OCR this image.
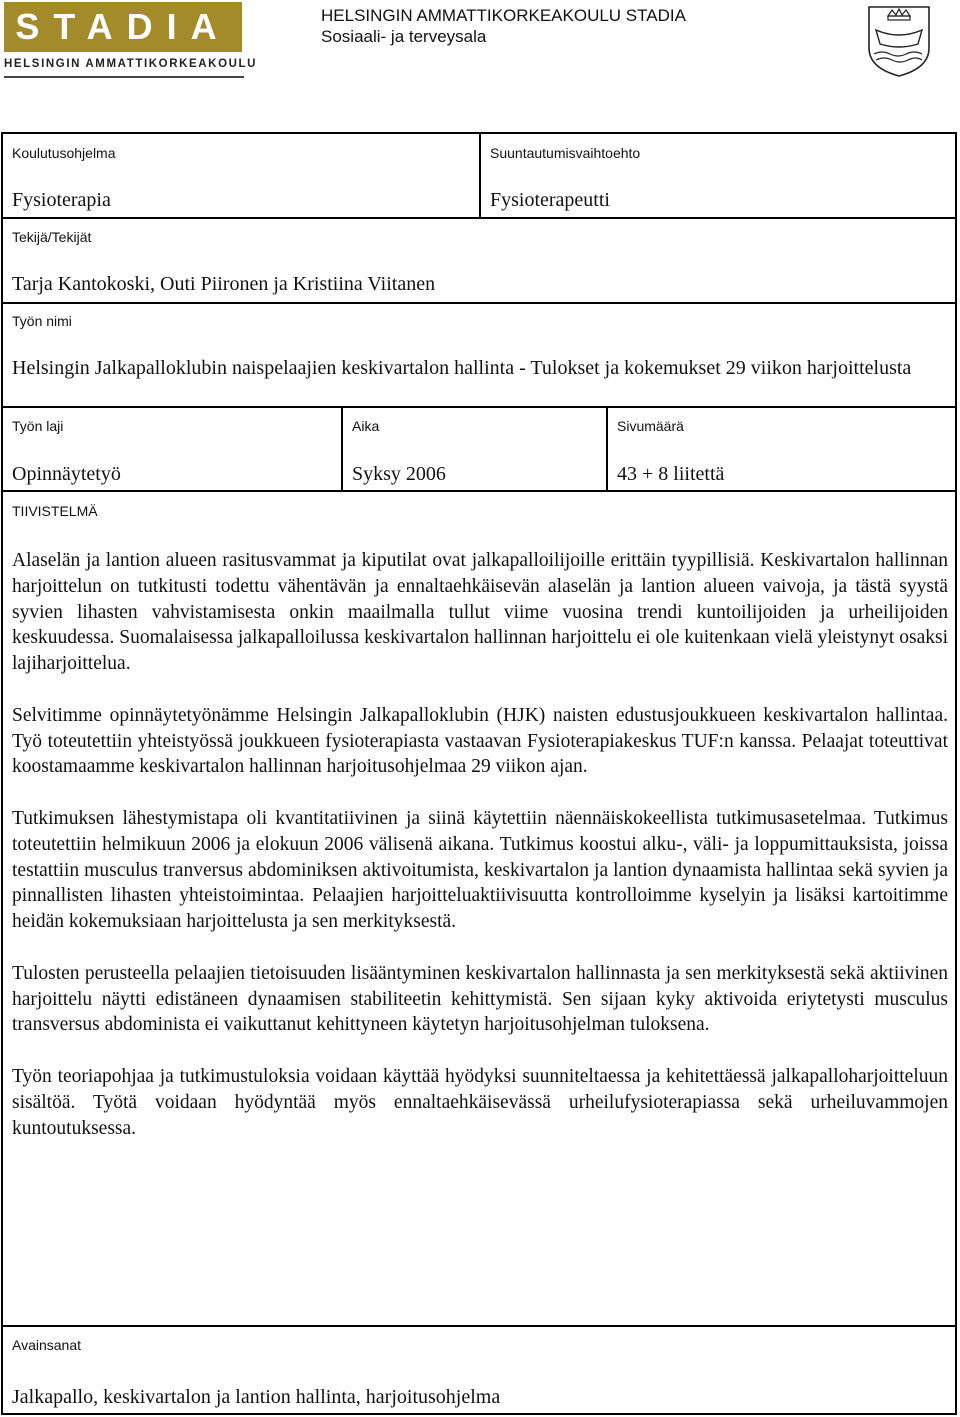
STADIA
HELSINGIN AMMATTIKORKEAKOULU
HELSINGIN AMMATTIKORKEAKOULU STADIA
Sosiaali- ja terveysala
Koulutusohjelma
Fysioterapia
Suuntautumisvaihtoehto
Fysioterapeutti
Tekijä/Tekijät
Tarja Kantokoski, Outi Piironen ja Kristiina Viitanen
Työn nimi
Helsingin Jalkapalloklubin naispelaajien keskivartalon hallinta - Tulokset ja kokemukset 29 viikon harjoittelusta
Työn laji
Opinnäytetyö
Aika
Syksy 2006
Sivumäärä
43 + 8 liitettä
TIIVISTELMÄ

Alaselän ja lantion alueen rasitusvammat ja kiputilat ovat jalkapalloilijoille erittäin tyypillisiä. Keskivartalon hallinnan harjoittelun on tutkitusti todettu vähentävän ja ennaltaehkäisevän alaselän ja lantion alueen vaivoja, ja tästä syystä syvien lihasten vahvistamisesta onkin maailmalla tullut viime vuosina trendi kuntoilijoiden ja urheilijoiden keskuudessa. Suomalaisessa jalkapalloilussa keskivartalon hallinnan harjoittelu ei ole kuitenkaan vielä yleistynyt osaksi lajiharjoittelua.

Selvitimme opinnäytetyönämme Helsingin Jalkapalloklubin (HJK) naisten edustusjoukkueen keskivartalon hallintaa. Työ toteutettiin yhteistyössä joukkueen fysioterapiasta vastaavan Fysioterapiakeskus TUF:n kanssa. Pelaajat toteuttivat koostamaamme keskivartalon hallinnan harjoitusohjelmaa 29 viikon ajan.

Tutkimuksen lähestymistapa oli kvantitatiivinen ja siinä käytettiin näennäiskokeellista tutkimusasetelmaa. Tutkimus toteutettiin helmikuun 2006 ja elokuun 2006 välisenä aikana. Tutkimus koostui alku-, väli- ja loppumittauksista, joissa testattiin musculus tranversus abdominiksen aktivoitumista, keskivartalon ja lantion dynaamista hallintaa sekä syvien ja pinnallisten lihasten yhteistoimintaa. Pelaajien harjoitteluaktiivisuutta kontrolloimme kyselyin ja lisäksi kartoitimme heidän kokemuksiaan harjoittelusta ja sen merkityksestä.

Tulosten perusteella pelaajien tietoisuuden lisääntyminen keskivartalon hallinnasta ja sen merkityksestä sekä aktiivinen harjoittelu näytti edistäneen dynaamisen stabiliteetin kehittymistä. Sen sijaan kyky aktivoida eriytetysti musculus transversus abdominista ei vaikuttanut kehittyneen käytetyn harjoitusohjelman tuloksena.

Työn teoriapohjaa ja tutkimustuloksia voidaan käyttää hyödyksi suunniteltaessa ja kehitettäessä jalkapalloharjoitteluun sisältöä. Työtä voidaan hyödyntää myös ennaltaehkäisevässä urheilufysioterapiassa sekä urheiluvammojen kuntoutuksessa.

Avainsanat
Jalkapallo, keskivartalon ja lantion hallinta, harjoitusohjelma
